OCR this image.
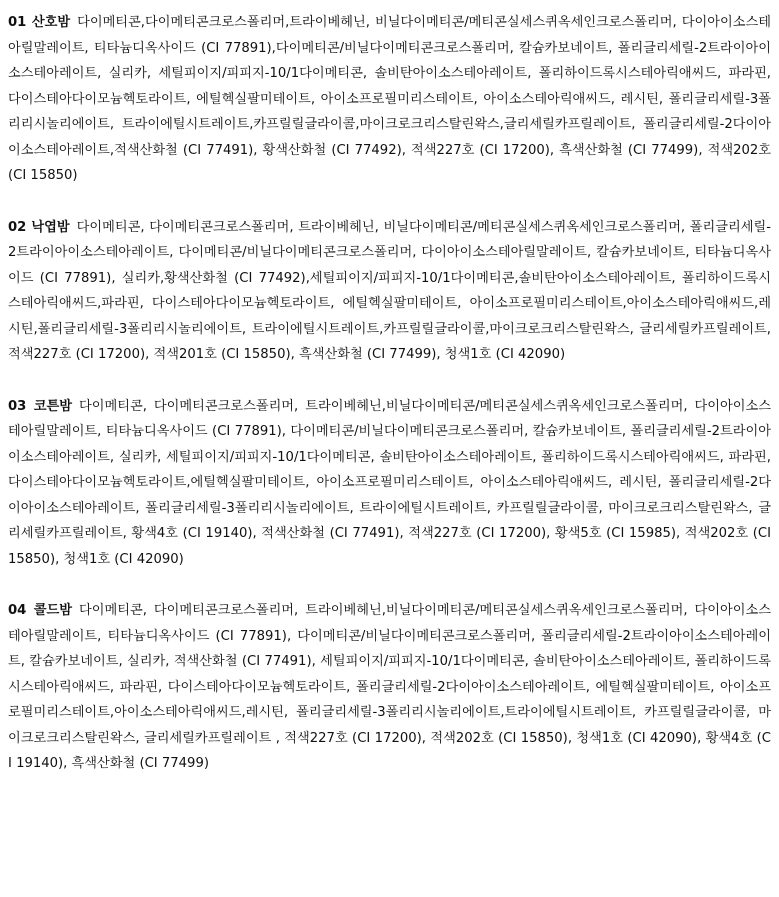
01 산호밤 다이메티콘,다이메티콘크로스폴리머,트라이베헤닌, 비닐다이메티콘/메티콘실세스퀴옥세인크로스폴리머, 다이아이소스테아릴말레이트, 티타늄디옥사이드 (CI 77891),다이메티콘/비닐다이메티콘크로스폴리머, 칼슘카보네이트, 폴리글리세릴-2트라이아이소스테아레이트, 실리카, 세틸피이지/피피지-10/1다이메티콘, 솔비탄아이소스테아레이트, 폴리하이드록시스테아릭애씨드, 파라핀, 다이스테아다이모늄헥토라이트, 에틸헥실팔미테이트, 아이소프로필미리스테이트, 아이소스테아릭애씨드, 레시틴, 폴리글리세릴-3폴리리시놀리에이트, 트라이에틸시트레이트,카프릴릴글라이콜,마이크로크리스탈린왁스,글리세릴카프릴레이트, 폴리글리세릴-2다이아이소스테아레이트,적색산화철 (CI 77491), 황색산화철 (CI 77492), 적색227호 (CI 17200), 흑색산화철 (CI 77499), 적색202호 (CI 15850)

02 낙엽밤 다이메티콘, 다이메티콘크로스폴리머, 트라이베헤닌, 비닐다이메티콘/메티콘실세스퀴옥세인크로스폴리머, 폴리글리세릴-2트라이아이소스테아레이트, 다이메티콘/비닐다이메티콘크로스폴리머, 다이아이소스테아릴말레이트, 칼슘카보네이트, 티타늄디옥사이드 (CI 77891), 실리카,황색산화철 (CI 77492),세틸피이지/피피지-10/1다이메티콘,솔비탄아이소스테아레이트, 폴리하이드록시스테아릭애씨드,파라핀, 다이스테아다이모늄헥토라이트, 에틸헥실팔미테이트, 아이소프로필미리스테이트,아이소스테아릭애씨드,레시틴,폴리글리세릴-3폴리리시놀리에이트, 트라이에틸시트레이트,카프릴릴글라이콜,마이크로크리스탈린왁스, 글리세릴카프릴레이트,적색227호 (CI 17200), 적색201호 (CI 15850), 흑색산화철 (CI 77499), 청색1호 (CI 42090)

03 코튼밤 다이메티콘, 다이메티콘크로스폴리머, 트라이베헤닌,비닐다이메티콘/메티콘실세스퀴옥세인크로스폴리머, 다이아이소스테아릴말레이트, 티타늄디옥사이드 (CI 77891), 다이메티콘/비닐다이메티콘크로스폴리머, 칼슘카보네이트, 폴리글리세릴-2트라이아이소스테아레이트, 실리카, 세틸피이지/피피지-10/1다이메티콘, 솔비탄아이소스테아레이트, 폴리하이드록시스테아릭애씨드, 파라핀,다이스테아다이모늄헥토라이트,에틸헥실팔미테이트, 아이소프로필미리스테이트, 아이소스테아릭애씨드, 레시틴, 폴리글리세릴-2다이아이소스테아레이트, 폴리글리세릴-3폴리리시놀리에이트, 트라이에틸시트레이트, 카프릴릴글라이콜, 마이크로크리스탈린왁스, 글리세릴카프릴레이트, 황색4호 (CI 19140), 적색산화철 (CI 77491), 적색227호 (CI 17200), 황색5호 (CI 15985), 적색202호 (CI 15850), 청색1호 (CI 42090)

04 콜드밤 다이메티콘, 다이메티콘크로스폴리머, 트라이베헤닌,비닐다이메티콘/메티콘실세스퀴옥세인크로스폴리머, 다이아이소스테아릴말레이트, 티타늄디옥사이드 (CI 77891), 다이메티콘/비닐다이메티콘크로스폴리머, 폴리글리세릴-2트라이아이소스테아레이트, 칼슘카보네이트, 실리카, 적색산화철 (CI 77491), 세틸피이지/피피지-10/1다이메티콘, 솔비탄아이소스테아레이트, 폴리하이드록시스테아릭애씨드, 파라핀, 다이스테아다이모늄헥토라이트, 폴리글리세릴-2다이아이소스테아레이트, 에틸헥실팔미테이트, 아이소프로필미리스테이트,아이소스테아릭애씨드,레시틴, 폴리글리세릴-3폴리리시놀리에이트,트라이에틸시트레이트, 카프릴릴글라이콜, 마이크로크리스탈린왁스, 글리세릴카프릴레이트 , 적색227호 (CI 17200), 적색202호 (CI 15850), 청색1호 (CI 42090), 황색4호 (CI 19140), 흑색산화철 (CI 77499)
